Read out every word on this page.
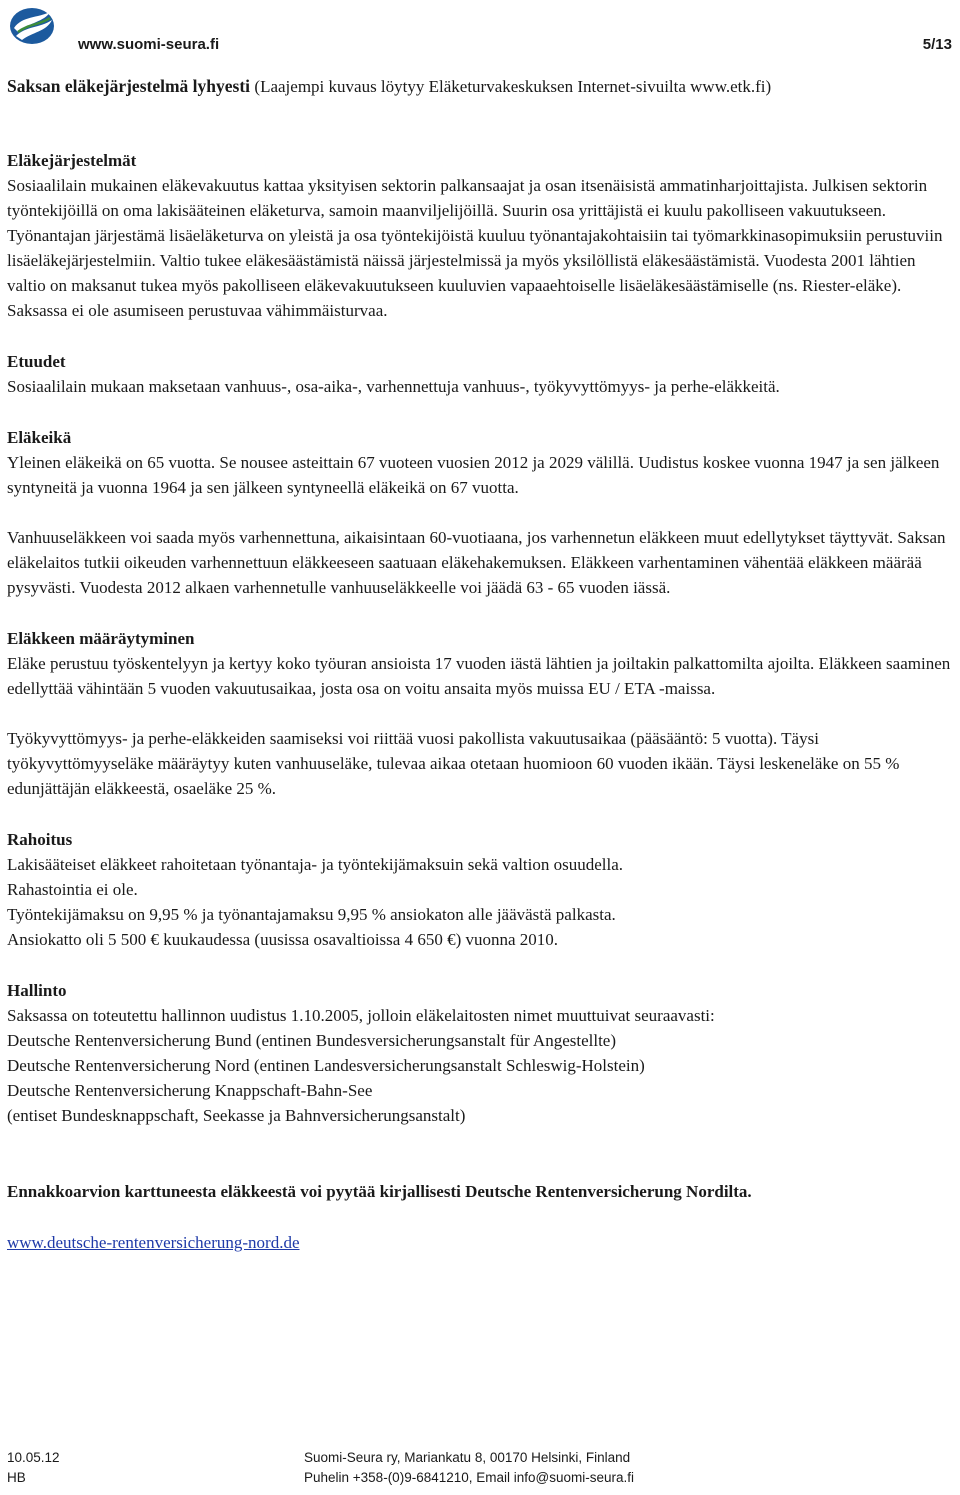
www.suomi-seura.fi	5/13

Saksan eläkejärjestelmä lyhyesti (Laajempi kuvaus löytyy Eläketurvakeskuksen Internet-sivuilta www.etk.fi)

Eläkejärjestelmät

Sosiaalilain mukainen eläkevakuutus kattaa yksityisen sektorin palkansaajat ja osan itsenäisistä ammatinharjoittajista. Julkisen sektorin työntekijöillä on oma lakisääteinen eläketurva, samoin maanviljelijöillä. Suurin osa yrittäjistä ei kuulu pakolliseen vakuutukseen. Työnantajan järjestämä lisäeläketurva on yleistä ja osa työntekijöistä kuuluu työnantajakohtaisiin tai työmarkkinasopimuksiin perustuviin lisäeläkejärjestelmiin. Valtio tukee eläkesäästämistä näissä järjestelmissä ja myös yksilöllistä eläkesäästämistä. Vuodesta 2001 lähtien valtio on maksanut tukea myös pakolliseen eläkevakuutukseen kuuluvien vapaaehtoiselle lisäeläkesäästämiselle (ns. Riester-eläke). Saksassa ei ole asumiseen perustuvaa vähimmäisturvaa.

Etuudet

Sosiaalilain mukaan maksetaan vanhuus-, osa-aika-, varhennettuja vanhuus-, työkyvyttömyys- ja perhe-eläkkeitä.

Eläkeikä

Yleinen eläkeikä on 65 vuotta. Se nousee asteittain 67 vuoteen vuosien 2012 ja 2029 välillä. Uudistus koskee vuonna 1947 ja sen jälkeen syntyneitä ja vuonna 1964 ja sen jälkeen syntyneellä eläkeikä on 67 vuotta.

Vanhuuseläkkeen voi saada myös varhennettuna, aikaisintaan 60-vuotiaana, jos varhennetun eläkkeen muut edellytykset täyttyvät. Saksan eläkelaitos tutkii oikeuden varhennettuun eläkkeeseen saatuaan eläkehakemuksen. Eläkkeen varhentaminen vähentää eläkkeen määrää pysyvästi. Vuodesta 2012 alkaen varhennetulle vanhuuseläkkeelle voi jäädä 63 - 65 vuoden iässä.

Eläkkeen määräytyminen

Eläke perustuu työskentelyyn ja kertyy koko työuran ansioista 17 vuoden iästä lähtien ja joiltakin palkattomilta ajoilta. Eläkkeen saaminen edellyttää vähintään 5 vuoden vakuutusaikaa, josta osa on voitu ansaita myös muissa EU / ETA -maissa.

Työkyvyttömyys- ja perhe-eläkkeiden saamiseksi voi riittää vuosi pakollista vakuutusaikaa (pääsääntö: 5 vuotta). Täysi työkyvyttömyyseläke määräytyy kuten vanhuuseläke, tulevaa aikaa otetaan huomioon 60 vuoden ikään. Täysi leskeneläke on 55 % edunjättäjän eläkkeestä, osaeläke 25 %.

Rahoitus

Lakisääteiset eläkkeet rahoitetaan työnantaja- ja työntekijämaksuin sekä valtion osuudella.

Rahastointia ei ole.

Työntekijämaksu on 9,95 % ja työnantajamaksu 9,95 % ansiokaton alle jäävästä palkasta.

Ansiokatto oli 5 500 € kuukaudessa (uusissa osavaltioissa 4 650 €) vuonna 2010.

Hallinto

Saksassa on toteutettu hallinnon uudistus 1.10.2005, jolloin eläkelaitosten nimet muuttuivat seuraavasti:

Deutsche Rentenversicherung Bund (entinen Bundesversicherungsanstalt für Angestellte)

Deutsche Rentenversicherung Nord (entinen Landesversicherungsanstalt Schleswig-Holstein)

Deutsche Rentenversicherung Knappschaft-Bahn-See

(entiset Bundesknappschaft, Seekasse ja Bahnversicherungsanstalt)

Ennakkoarvion karttuneesta eläkkeestä voi pyytää kirjallisesti Deutsche Rentenversicherung Nordilta.

www.deutsche-rentenversicherung-nord.de

10.05.12
HB
Suomi-Seura ry, Mariankatu 8, 00170 Helsinki, Finland
Puhelin +358-(0)9-6841210, Email info@suomi-seura.fi
